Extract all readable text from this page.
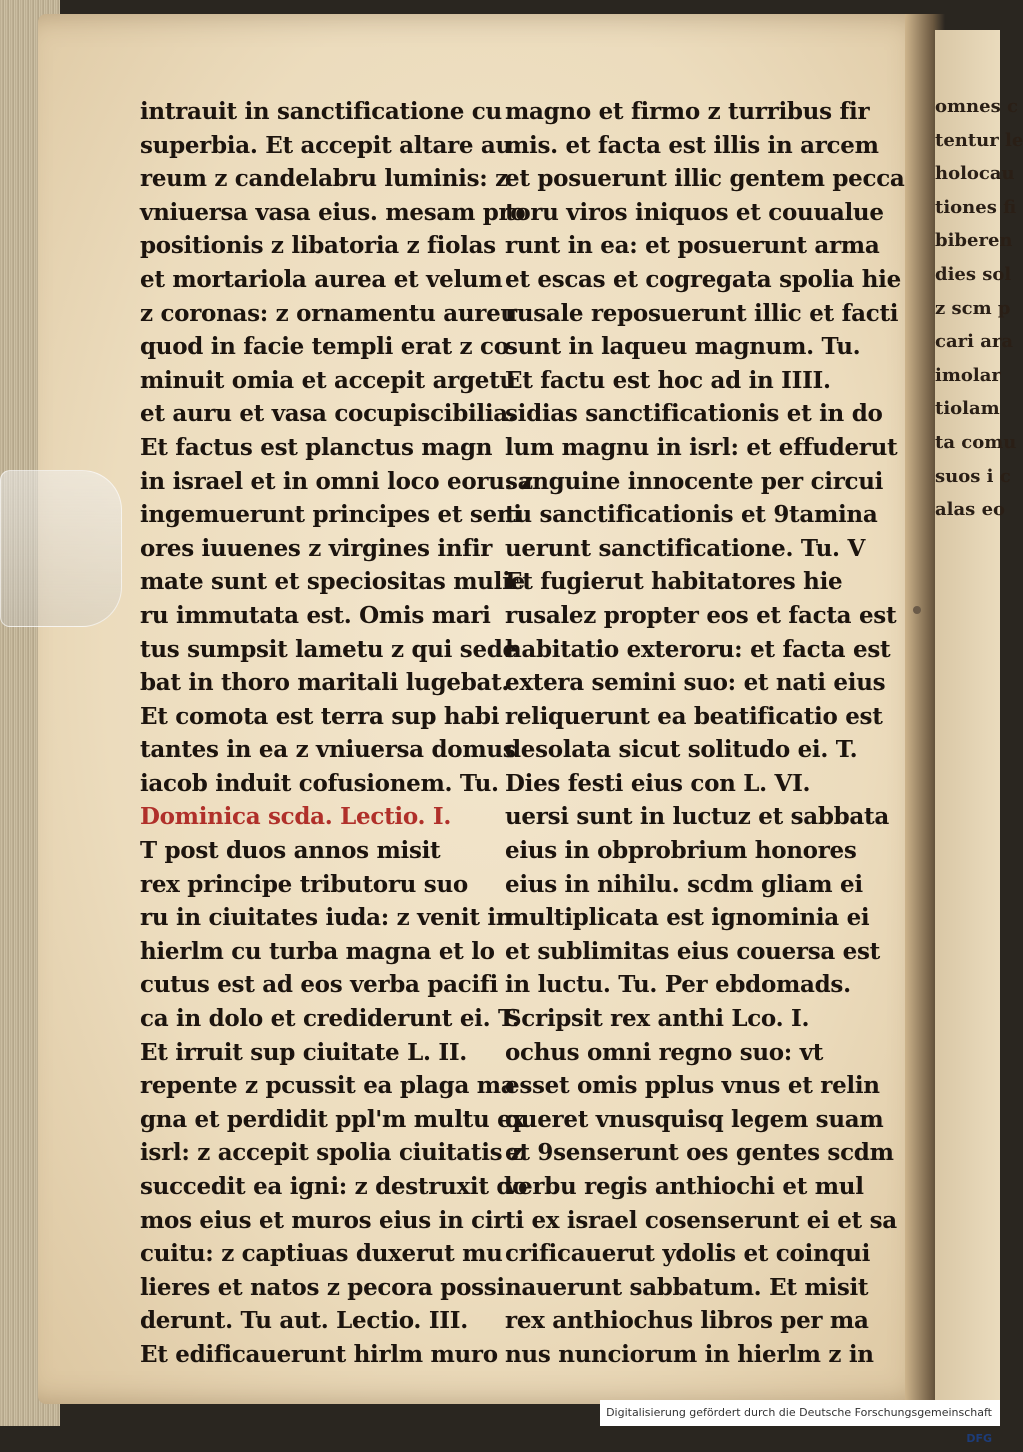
omnes c
tentur le
holocau
tiones fi
biberen
dies sol
z scm p
cari ara
imolar
tiolam
ta comu
suos i c
alas eo
intrauit in sanctificatione cu
superbia. Et accepit altare au
reum z candelabru luminis: z
vniuersa vasa eius. mesam pro
positionis z libatoria z fiolas
et mortariola aurea et velum
z coronas: z ornamentu aureu
quod in facie templi erat z co
minuit omia et accepit argetu
et auru et vasa cocupiscibilia.
Et factus est planctus magn
in israel et in omni loco eoru. z
ingemuerunt principes et seni
ores iuuenes z virgines infir
mate sunt et speciositas mulie
ru immutata est. Omis mari
tus sumpsit lametu z qui sede
bat in thoro maritali lugebat.
Et comota est terra sup habi
tantes in ea z vniuersa domus
iacob induit cofusionem. Tu.
Dominica scda. Lectio. I.
T post duos annos misit
rex principe tributoru suo
ru in ciuitates iuda: z venit in
hierlm cu turba magna et lo
cutus est ad eos verba pacifi
ca in dolo et crediderunt ei. T.
Et irruit sup ciuitate L. II.
repente z pcussit ea plaga ma
gna et perdidit ppl'm multu ex
isrl: z accepit spolia ciuitatis z
succedit ea igni: z destruxit do
mos eius et muros eius in cir
cuitu: z captiuas duxerut mu
lieres et natos z pecora possi
derunt. Tu aut. Lectio. III.
Et edificauerunt hirlm muro
magno et firmo z turribus fir
mis. et facta est illis in arcem
et posuerunt illic gentem pecca
toru viros iniquos et couualue
runt in ea: et posuerunt arma
et escas et cogregata spolia hie
rusale reposuerunt illic et facti
sunt in laqueu magnum. Tu.
Et factu est hoc ad in IIII.
sidias sanctificationis et in do
lum magnu in isrl: et effuderut
sanguine innocente per circui
tu sanctificationis et 9tamina
uerunt sanctificatione. Tu. V
Et fugierut habitatores hie
rusalez propter eos et facta est
habitatio exteroru: et facta est
extera semini suo: et nati eius
reliquerunt ea beatificatio est
desolata sicut solitudo ei. T.
Dies festi eius con L. VI.
uersi sunt in luctuz et sabbata
eius in obprobrium honores
eius in nihilu. scdm gliam ei
multiplicata est ignominia ei
et sublimitas eius couersa est
in luctu. Tu. Per ebdomads.
Scripsit rex anthi Lco. I.
ochus omni regno suo: vt
esset omis pplus vnus et relin
queret vnusquisq legem suam
et 9senserunt oes gentes scdm
verbu regis anthiochi et mul
ti ex israel cosenserunt ei et sa
crificauerut ydolis et coinqui
nauerunt sabbatum. Et misit
rex anthiochus libros per ma
nus nunciorum in hierlm z in
Digitalisierung gefördert durch die Deutsche Forschungsgemeinschaft DFG
